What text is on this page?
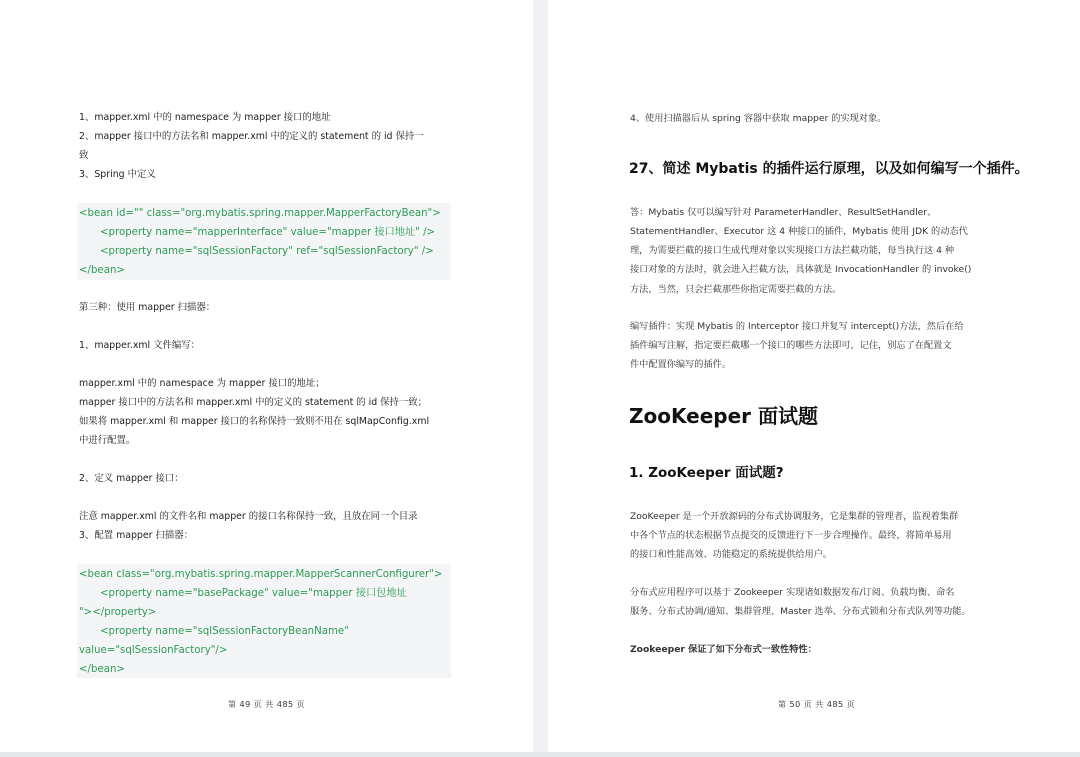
1、mapper.xml 中的 namespace 为 mapper 接口的地址
2、mapper 接口中的方法名和 mapper.xml 中的定义的 statement 的 id 保持一
致
3、Spring 中定义
<bean id="" class="org.mybatis.spring.mapper.MapperFactoryBean">
<property name="mapperInterface" value="mapper 接口地址" />
<property name="sqlSessionFactory" ref="sqlSessionFactory" />
</bean>
第三种：使用 mapper 扫描器：
1、mapper.xml 文件编写：
mapper.xml 中的 namespace 为 mapper 接口的地址；
mapper 接口中的方法名和 mapper.xml 中的定义的 statement 的 id 保持一致；
如果将 mapper.xml 和 mapper 接口的名称保持一致则不用在 sqlMapConfig.xml
中进行配置。
2、定义 mapper 接口：
注意 mapper.xml 的文件名和 mapper 的接口名称保持一致，且放在同一个目录
3、配置 mapper 扫描器：
<bean class="org.mybatis.spring.mapper.MapperScannerConfigurer">
<property name="basePackage" value="mapper 接口包地址
"></property>
<property name="sqlSessionFactoryBeanName"
value="sqlSessionFactory"/>
</bean>
第 49 页 共 485 页
4、使用扫描器后从 spring 容器中获取 mapper 的实现对象。
27、简述 Mybatis 的插件运行原理，以及如何编写一个插件。
答：Mybatis 仅可以编写针对 ParameterHandler、ResultSetHandler、
StatementHandler、Executor 这 4 种接口的插件，Mybatis 使用 JDK 的动态代
理，为需要拦截的接口生成代理对象以实现接口方法拦截功能，每当执行这 4 种
接口对象的方法时，就会进入拦截方法，具体就是 InvocationHandler 的 invoke()
方法，当然，只会拦截那些你指定需要拦截的方法。
编写插件：实现 Mybatis 的 Interceptor 接口并复写 intercept()方法，然后在给
插件编写注解，指定要拦截哪一个接口的哪些方法即可，记住，别忘了在配置文
件中配置你编写的插件。
ZooKeeper 面试题
1. ZooKeeper 面试题?
ZooKeeper 是一个开放源码的分布式协调服务，它是集群的管理者，监视着集群
中各个节点的状态根据节点提交的反馈进行下一步合理操作。最终，将简单易用
的接口和性能高效、功能稳定的系统提供给用户。
分布式应用程序可以基于 Zookeeper 实现诸如数据发布/订阅、负载均衡、命名
服务、分布式协调/通知、集群管理、Master 选举、分布式锁和分布式队列等功能。
Zookeeper 保证了如下分布式一致性特性：
第 50 页 共 485 页
